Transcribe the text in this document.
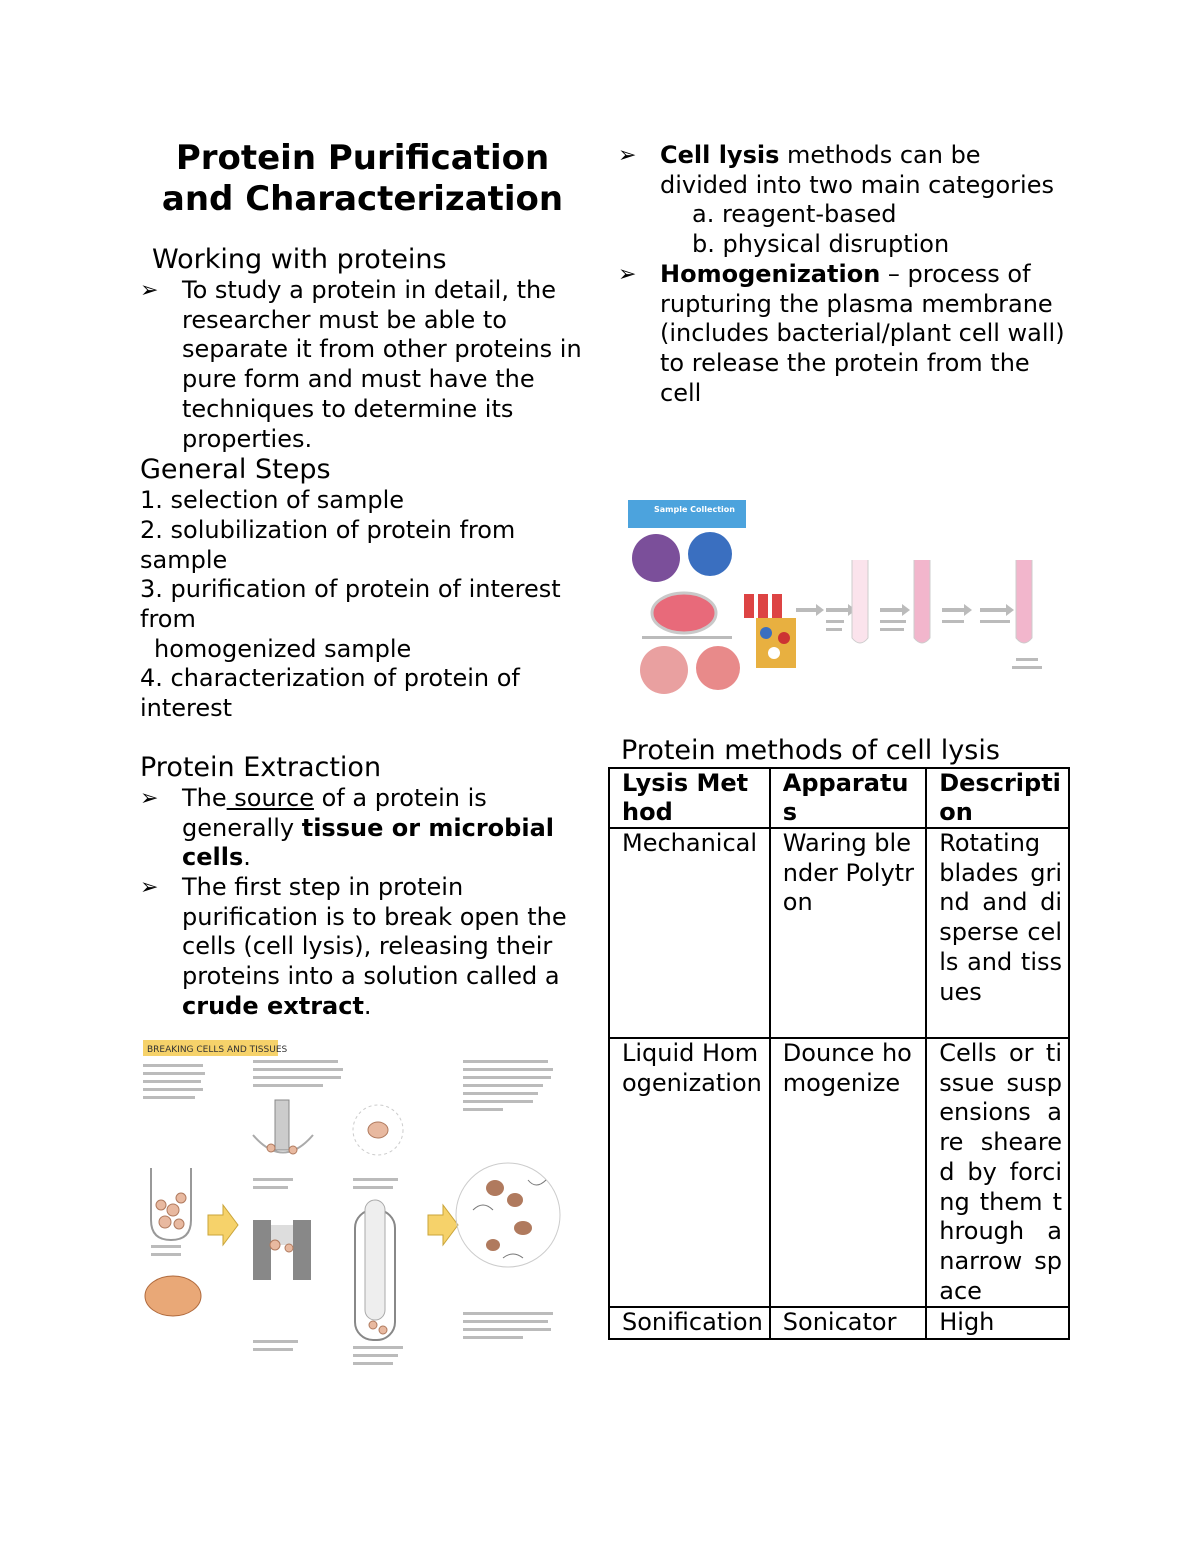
Protein Purification
and Characterization
Working with proteins
➢ To study a protein in detail, the researcher must be able to separate it from other proteins in pure form and must have the techniques to determine its properties.
General Steps
1. selection of sample
2. solubilization of protein from sample
3. purification of protein of interest from
homogenized sample
4. characterization of protein of interest
Protein Extraction
➢ The source of a protein is generally tissue or microbial cells.
➢ The first step in protein purification is to break open the cells (cell lysis), releasing their proteins into a solution called a crude extract.
BREAKING CELLS AND TISSUES
➢ Cell lysis methods can be divided into two main categories
a. reagent-based
b. physical disruption
➢ Homogenization – process of rupturing the plasma membrane (includes bacterial/plant cell wall) to release the protein from the cell
Sample Collection
Protein methods of cell lysis
Lysis Method	Apparatus	Description
Mechanical	Waring blender Polytron	Rotating blades grind and disperse cells and tissues
Liquid Homogenization	Dounce homogenize	Cells or tissue suspensions are sheared by forcing them through a narrow space
Sonification	Sonicator	High
